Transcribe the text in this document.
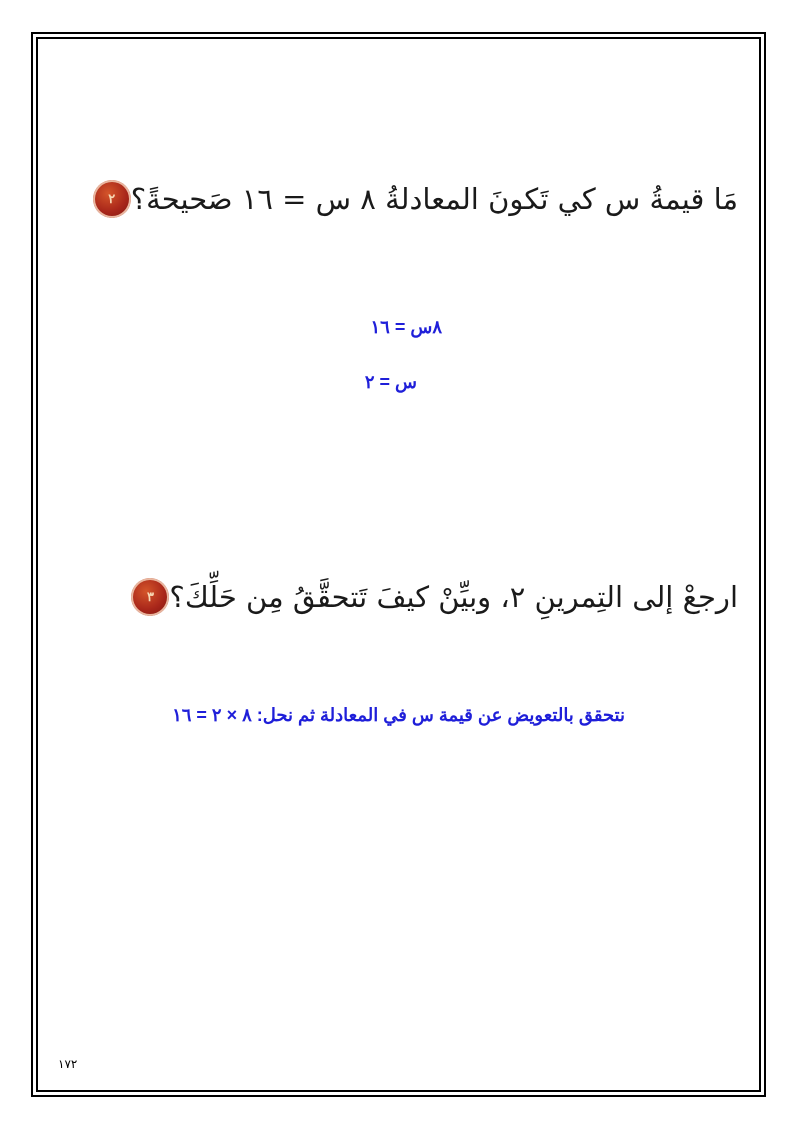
٢ مَا قيمةُ س كي تَكونَ المعادلةُ ٨ س = ١٦ صَحيحةً؟
٨س = ١٦
س = ٢
٣ ارجعْ إلى التِمرينِ ٢، وبيِّنْ كيفَ تَتحقَّقُ مِن حَلِّكَ؟
نتحقق بالتعويض عن قيمة س في المعادلة ثم نحل: ٨ × ٢ = ١٦
١٧٢
